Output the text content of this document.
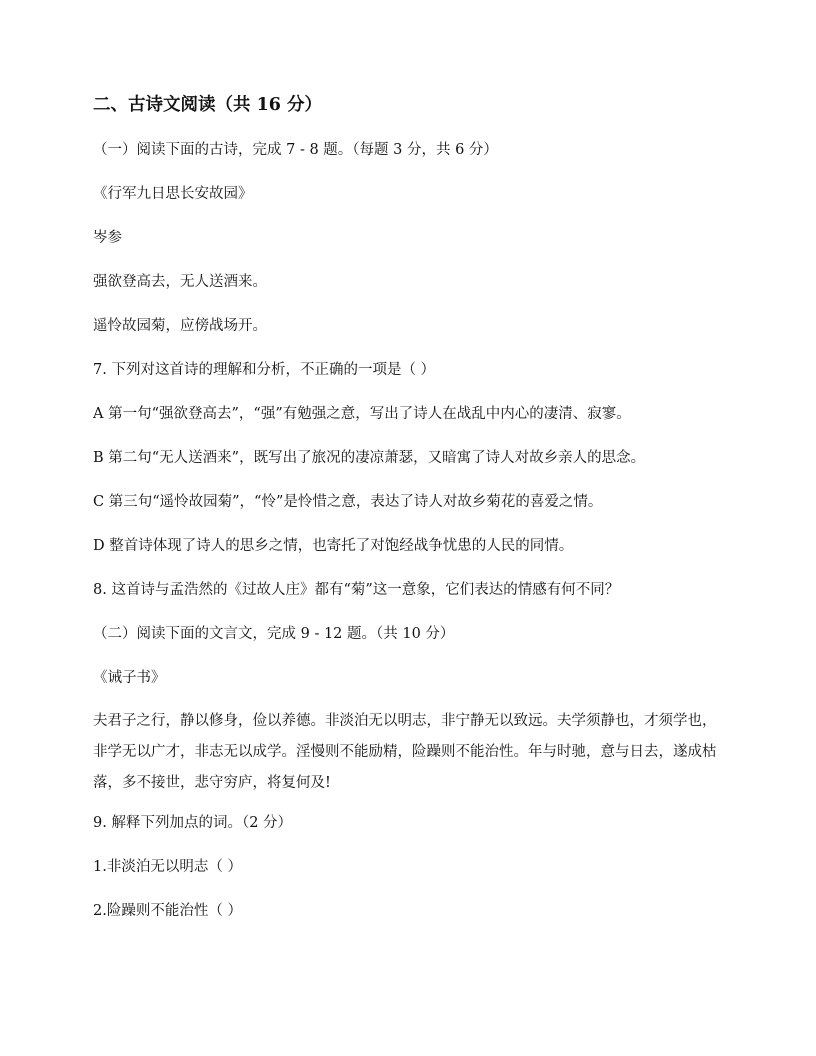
二、古诗文阅读（共 16 分）
（一）阅读下面的古诗，完成 7 - 8 题。（每题 3 分，共 6 分）
《行军九日思长安故园》
岑参
强欲登高去，无人送酒来。
遥怜故园菊，应傍战场开。
7. 下列对这首诗的理解和分析，不正确的一项是（ ）
A 第一句“强欲登高去”，“强”有勉强之意，写出了诗人在战乱中内心的凄清、寂寥。
B 第二句“无人送酒来”，既写出了旅况的凄凉萧瑟，又暗寓了诗人对故乡亲人的思念。
C 第三句“遥怜故园菊”，“怜”是怜惜之意，表达了诗人对故乡菊花的喜爱之情。
D 整首诗体现了诗人的思乡之情，也寄托了对饱经战争忧患的人民的同情。
8. 这首诗与孟浩然的《过故人庄》都有“菊”这一意象，它们表达的情感有何不同？
（二）阅读下面的文言文，完成 9 - 12 题。（共 10 分）
《诫子书》
夫君子之行，静以修身，俭以养德。非淡泊无以明志，非宁静无以致远。夫学须静也，才须学也，非学无以广才，非志无以成学。淫慢则不能励精，险躁则不能治性。年与时驰，意与日去，遂成枯落，多不接世，悲守穷庐，将复何及!
9. 解释下列加点的词。（2 分）
1.非淡泊无以明志（ ）
2.险躁则不能治性（ ）
